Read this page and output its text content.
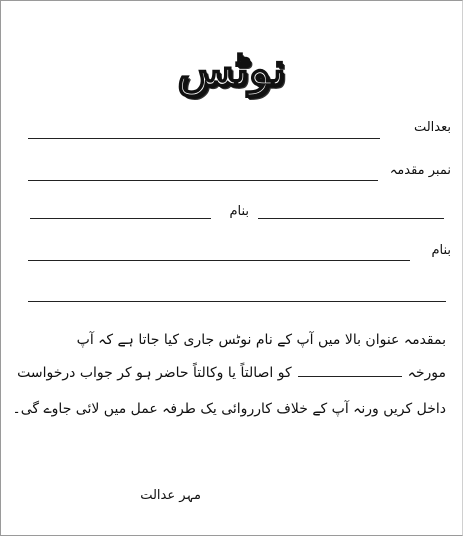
نوٹس
بعدالت
نمبر مقدمہ
بنام
بنام
بمقدمہ عنوان بالا میں آپ کے نام نوٹس جاری کیا جاتا ہے کہ آپ
مورخہکو اصالتاً یا وکالتاً حاضر ہو کر جواب درخواست
داخل کریں ورنہ آپ کے خلاف کارروائی یک طرفہ عمل میں لائی جاوے گی۔
مہر عدالت
